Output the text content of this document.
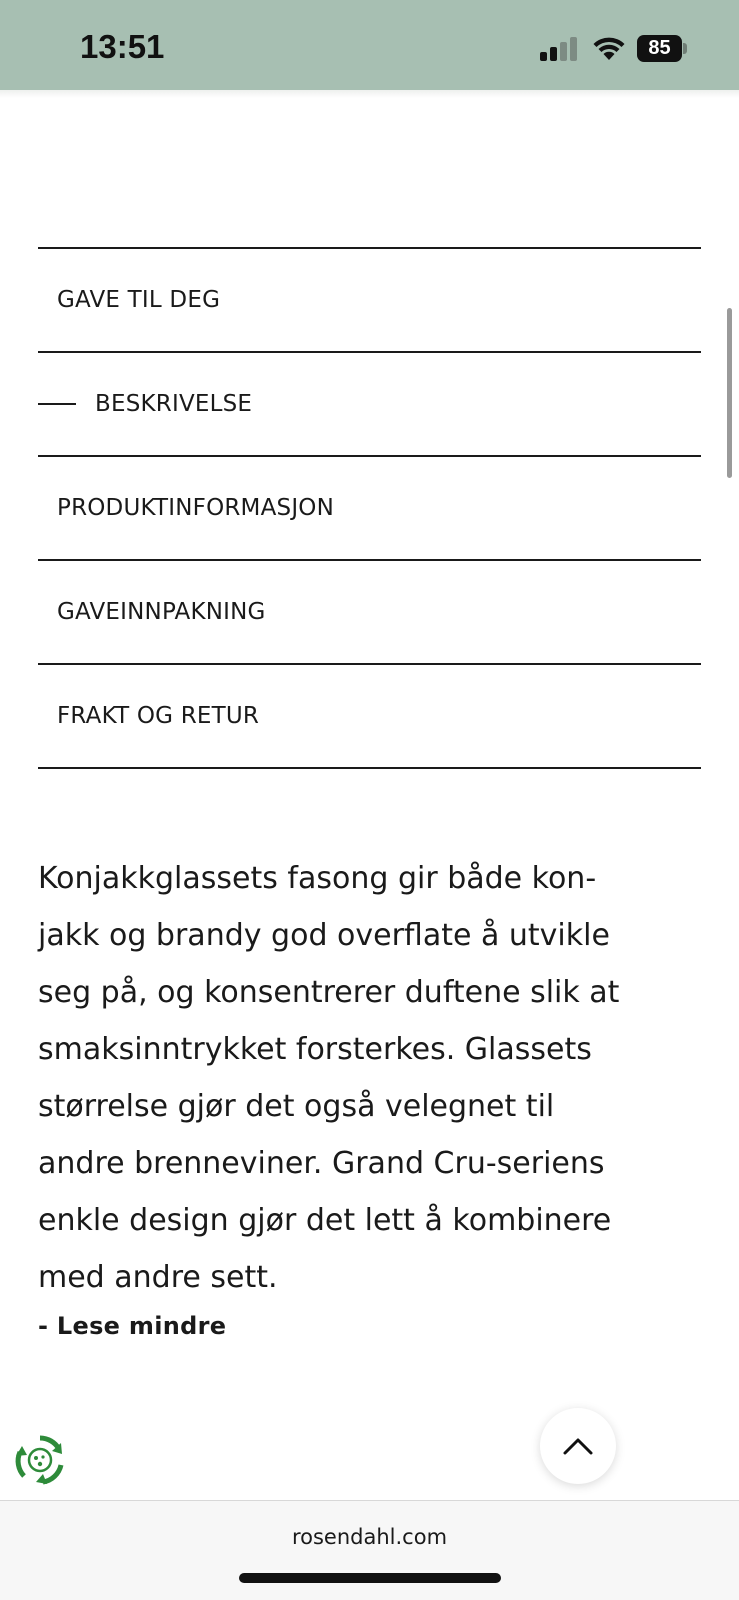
13:51	85
GAVE TIL DEG
BESKRIVELSE
PRODUKTINFORMASJON
GAVEINNPAKNING
FRAKT OG RETUR

Konjakkglassets fasong gir både kon-

jakk og brandy god overflate å utvikle

seg på, og konsentrerer duftene slik at

smaksinntrykket forsterkes. Glassets

størrelse gjør det også velegnet til

andre brenneviner. Grand Cru-seriens

enkle design gjør det lett å kombinere

med andre sett.

- Lese mindre
rosendahl.com
